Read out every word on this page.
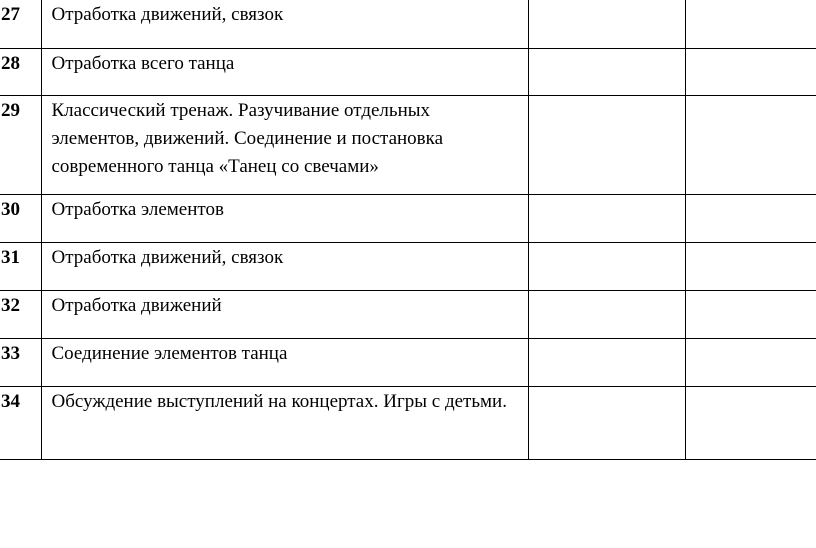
27	Отработка движений, связок		
28	Отработка всего танца		
29	Классический тренаж. Разучивание отдельных элементов, движений. Соединение и постановка современного танца «Танец со свечами»		
30	Отработка элементов		
31	Отработка движений, связок		
32	Отработка движений		
33	Соединение элементов танца		
34	Обсуждение выступлений на концертах. Игры с детьми.		
